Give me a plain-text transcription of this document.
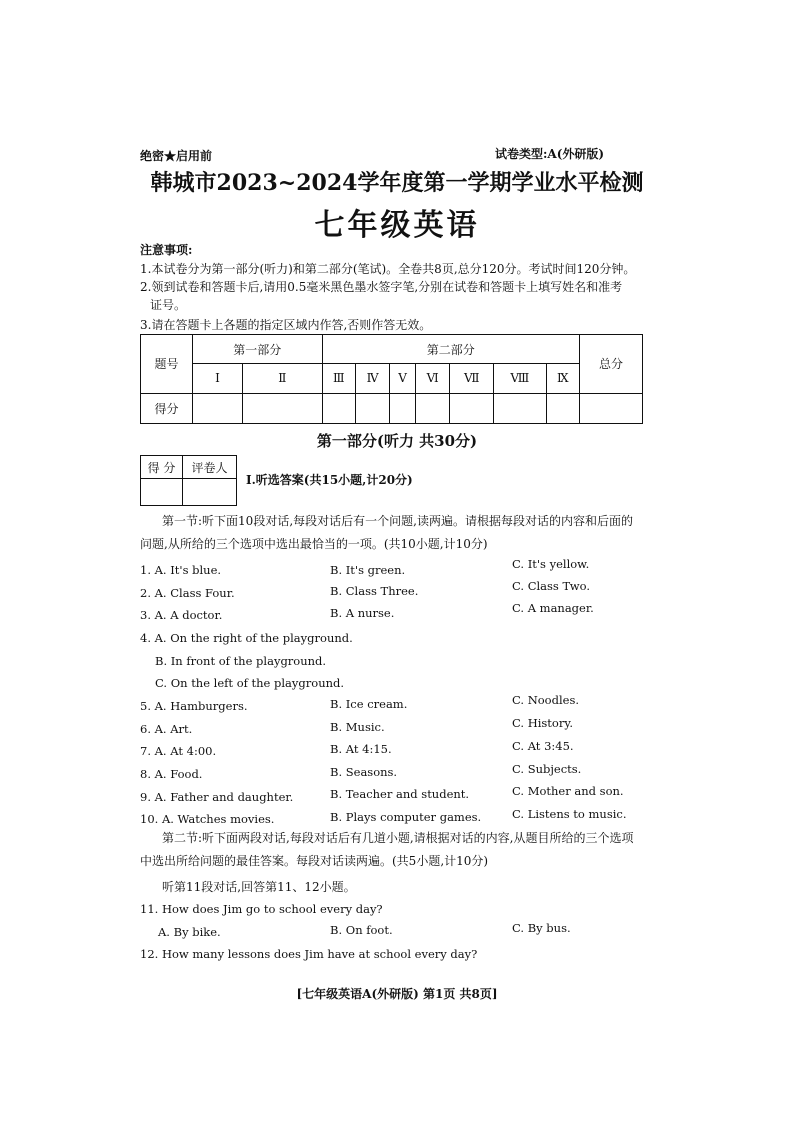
绝密★启用前	试卷类型:A(外研版)
韩城市2023~2024学年度第一学期学业水平检测
七年级英语
注意事项:
1.本试卷分为第一部分(听力)和第二部分(笔试)。全卷共8页,总分120分。考试时间120分钟。
2.领到试卷和答题卡后,请用0.5毫米黑色墨水签字笔,分别在试卷和答题卡上填写姓名和准考
证号。
3.请在答题卡上各题的指定区域内作答,否则作答无效。
题号	第一部分		第二部分							总分
	Ⅰ	Ⅱ	Ⅲ	Ⅳ	Ⅴ	Ⅵ	Ⅶ	Ⅷ	Ⅸ	
得分										
第一部分(听力 共30分)
得 分	评卷人

Ⅰ.听选答案(共15小题,计20分)
第一节:听下面10段对话,每段对话后有一个问题,读两遍。请根据每段对话的内容和后面的
问题,从所给的三个选项中选出最恰当的一项。(共10小题,计10分)
1. A. It's blue.	B. It's green.	C. It's yellow.
2. A. Class Four.	B. Class Three.	C. Class Two.
3. A. A doctor.	B. A nurse.	C. A manager.
4. A. On the right of the playground.
B. In front of the playground.
C. On the left of the playground.
5. A. Hamburgers.	B. Ice cream.	C. Noodles.
6. A. Art.	B. Music.	C. History.
7. A. At 4:00.	B. At 4:15.	C. At 3:45.
8. A. Food.	B. Seasons.	C. Subjects.
9. A. Father and daughter.	B. Teacher and student.	C. Mother and son.
10. A. Watches movies.	B. Plays computer games.	C. Listens to music.
第二节:听下面两段对话,每段对话后有几道小题,请根据对话的内容,从题目所给的三个选项
中选出所给问题的最佳答案。每段对话读两遍。(共5小题,计10分)
听第11段对话,回答第11、12小题。
11. How does Jim go to school every day?
A. By bike.	B. On foot.	C. By bus.
12. How many lessons does Jim have at school every day?
[七年级英语A(外研版) 第1页 共8页]
